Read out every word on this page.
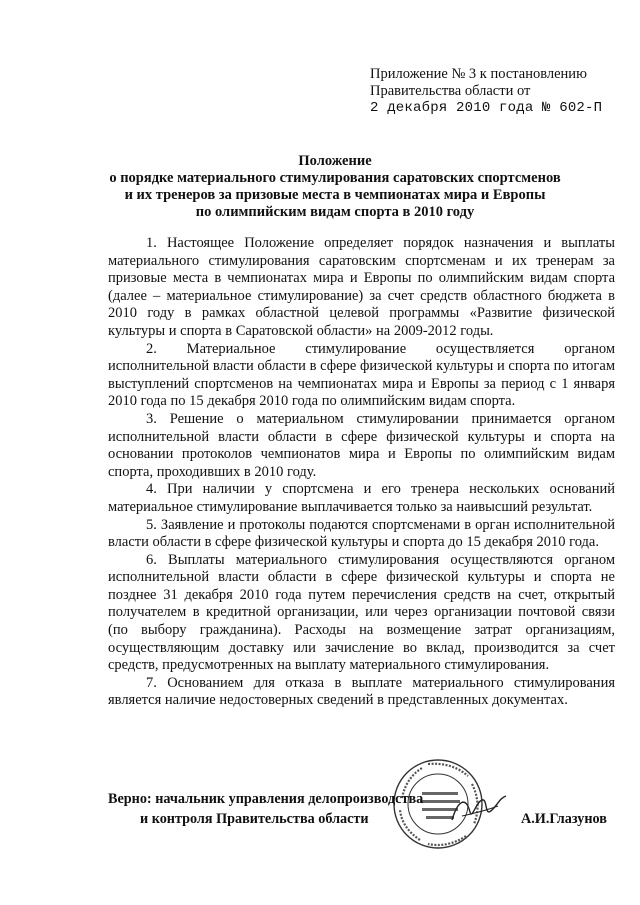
Приложение № 3 к постановлению
Правительства области от
2 декабря 2010 года № 602-П
Положение
о порядке материального стимулирования саратовских спортсменов
и их тренеров за призовые места в чемпионатах мира и Европы
по олимпийским видам спорта в 2010 году

1. Настоящее Положение определяет порядок назначения и выплаты материального стимулирования саратовским спортсменам и их тренерам за призовые места в чемпионатах мира и Европы по олимпийским видам спорта (далее – материальное стимулирование) за счет средств областного бюджета в 2010 году в рамках областной целевой программы «Развитие физической культуры и спорта в Саратовской области» на 2009-2012 годы.

2. Материальное стимулирование осуществляется органом исполнительной власти области в сфере физической культуры и спорта по итогам выступлений спортсменов на чемпионатах мира и Европы за период с 1 января 2010 года по 15 декабря 2010 года по олимпийским видам спорта.

3. Решение о материальном стимулировании принимается органом исполнительной власти области в сфере физической культуры и спорта на основании протоколов чемпионатов мира и Европы по олимпийским видам спорта, проходивших в 2010 году.

4. При наличии у спортсмена и его тренера нескольких оснований материальное стимулирование выплачивается только за наивысший результат.

5. Заявление и протоколы подаются спортсменами в орган исполнительной власти области в сфере физической культуры и спорта до 15 декабря 2010 года.

6. Выплаты материального стимулирования осуществляются органом исполнительной власти области в сфере физической культуры и спорта не позднее 31 декабря 2010 года путем перечисления средств на счет, открытый получателем в кредитной организации, или через организации почтовой связи (по выбору гражданина). Расходы на возмещение затрат организациям, осуществляющим доставку или зачисление во вклад, производится за счет средств, предусмотренных на выплату материального стимулирования.

7. Основанием для отказа в выплате материального стимулирования является наличие недостоверных сведений в представленных документах.

Верно: начальник управления делопроизводства
и контроля Правительства области	А.И.Глазунов
